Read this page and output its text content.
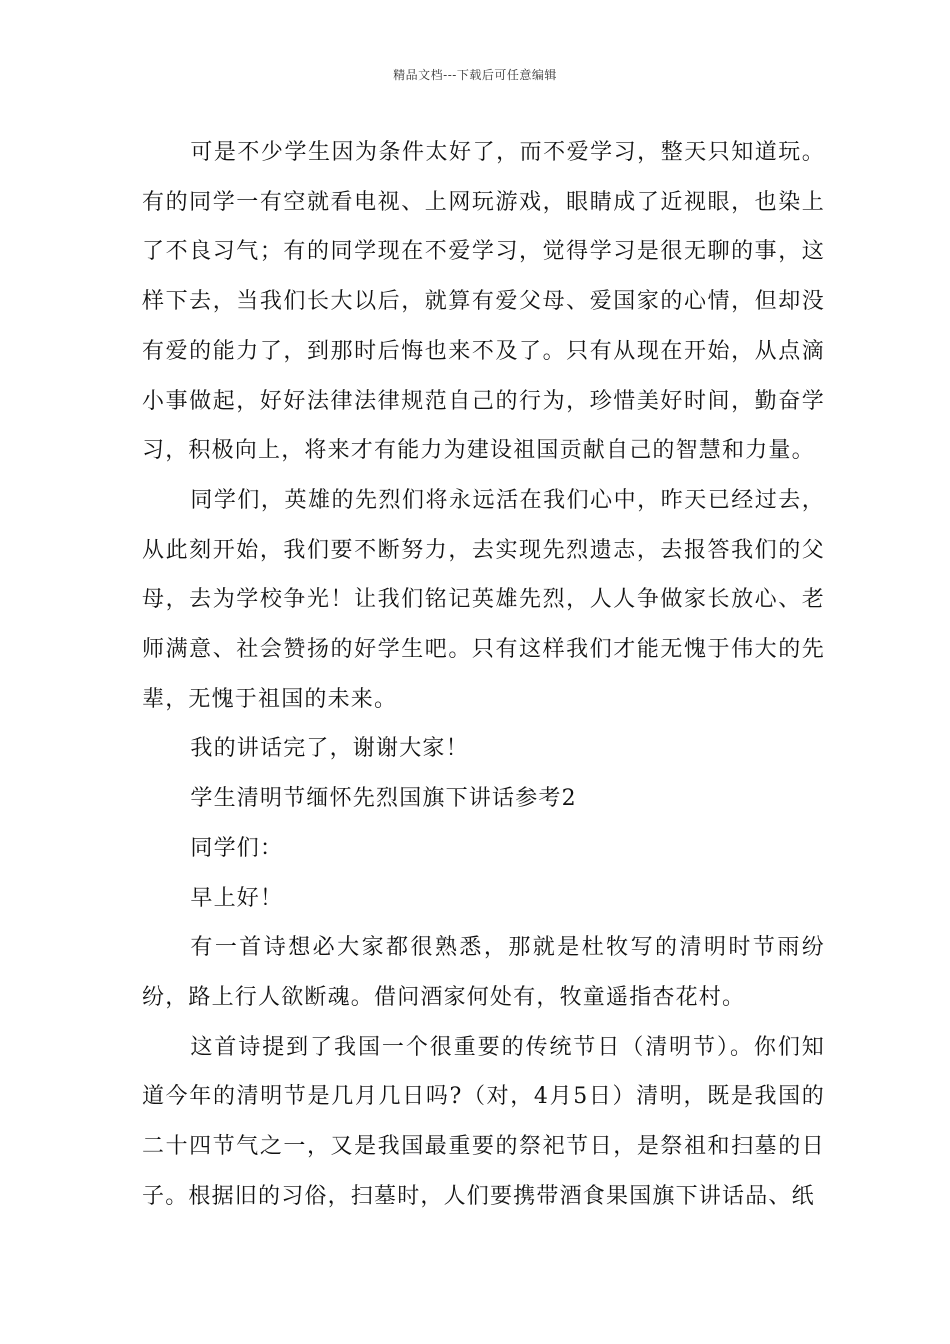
精品文档---下载后可任意编辑

可是不少学生因为条件太好了，而不爱学习，整天只知道玩。有的同学一有空就看电视、上网玩游戏，眼睛成了近视眼，也染上了不良习气；有的同学现在不爱学习，觉得学习是很无聊的事，这样下去，当我们长大以后，就算有爱父母、爱国家的心情，但却没有爱的能力了，到那时后悔也来不及了。只有从现在开始，从点滴小事做起，好好法律法律规范自己的行为，珍惜美好时间，勤奋学习，积极向上，将来才有能力为建设祖国贡献自己的智慧和力量。

同学们，英雄的先烈们将永远活在我们心中，昨天已经过去，从此刻开始，我们要不断努力，去实现先烈遗志，去报答我们的父母，去为学校争光！让我们铭记英雄先烈，人人争做家长放心、老师满意、社会赞扬的好学生吧。只有这样我们才能无愧于伟大的先辈，无愧于祖国的未来。

我的讲话完了，谢谢大家！

学生清明节缅怀先烈国旗下讲话参考2

同学们：

早上好！

有一首诗想必大家都很熟悉，那就是杜牧写的清明时节雨纷纷，路上行人欲断魂。借问酒家何处有，牧童遥指杏花村。

这首诗提到了我国一个很重要的传统节日（清明节）。你们知道今年的清明节是几月几日吗?（对，4月5日）清明，既是我国的二十四节气之一，又是我国最重要的祭祀节日，是祭祖和扫墓的日子。根据旧的习俗，扫墓时，人们要携带酒食果国旗下讲话品、纸
